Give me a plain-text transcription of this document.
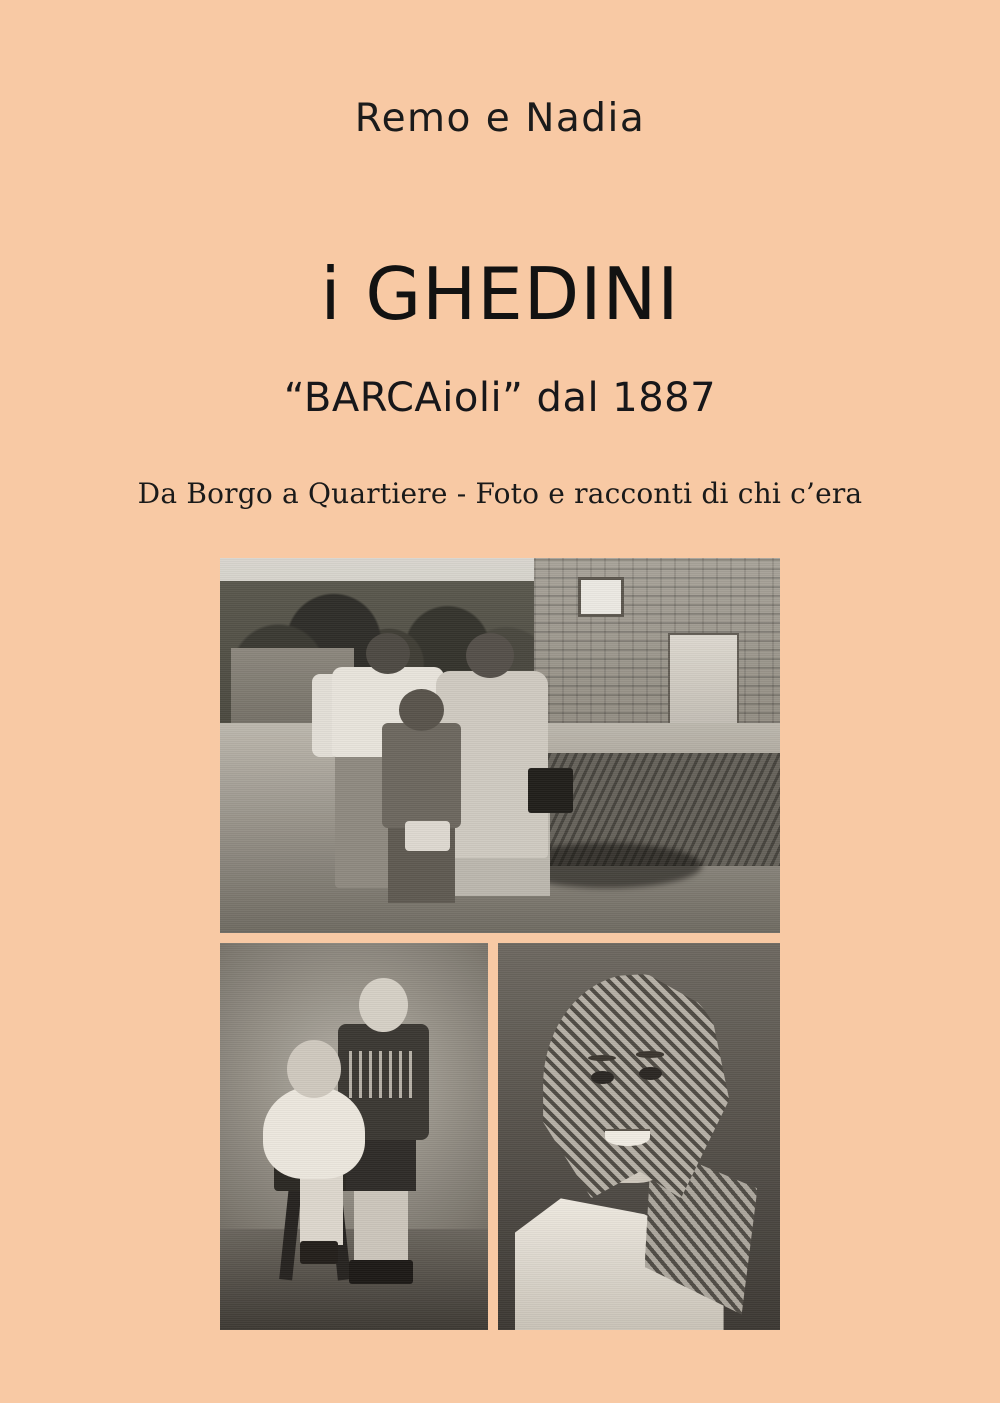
Remo e Nadia
i GHEDINI
“BARCAioli” dal 1887
Da Borgo a Quartiere - Foto e racconti di chi c’era
